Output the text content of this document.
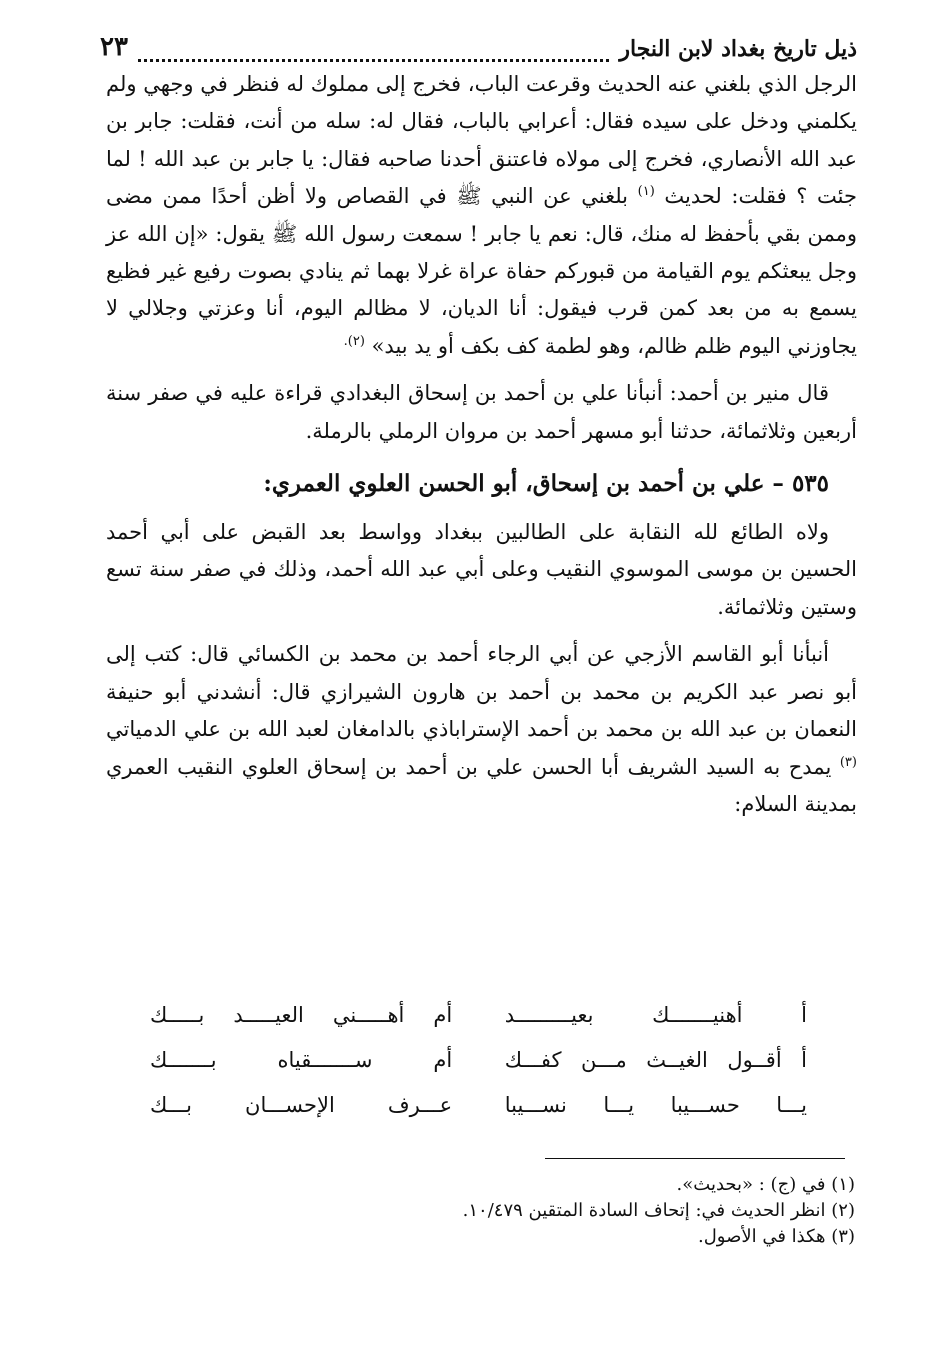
ذيل تاريخ بغداد لابن النجار
٢٣

الرجل الذي بلغني عنه الحديث وقرعت الباب، فخرج إلى مملوك له فنظر في وجهي ولم يكلمني ودخل على سيده فقال: أعرابي بالباب، فقال له: سله من أنت، فقلت: جابر بن عبد الله الأنصاري، فخرج إلى مولاه فاعتنق أحدنا صاحبه فقال: يا جابر بن عبد الله ! لما جئت ؟ فقلت: لحديث $^{(١)}$ بلغني عن النبي ﷺ في القصاص ولا أظن أحدًا ممن مضى وممن بقي بأحفظ له منك، قال: نعم يا جابر ! سمعت رسول الله ﷺ يقول: «إن الله عز وجل يبعثكم يوم القيامة من قبوركم حفاة عراة غرلا بهما ثم ينادي بصوت رفيع غير فظيع يسمع به من بعد كمن قرب فيقول: أنا الديان، لا مظالم اليوم، أنا وعزتي وجلالي لا يجاوزني اليوم ظلم ظالم، وهو لطمة كف بكف أو يد بيد» $^{(٢).}$

قال منير بن أحمد: أنبأنا علي بن أحمد بن إسحاق البغدادي قراءة عليه في صفر سنة أربعين وثلاثمائة، حدثنا أبو مسهر أحمد بن مروان الرملي بالرملة.

٥٣٥ – علي بن أحمد بن إسحاق، أبو الحسن العلوي العمري:

ولاه الطائع لله النقابة على الطالبين ببغداد وواسط بعد القبض على أبي أحمد الحسين بن موسى الموسوي النقيب وعلى أبي عبد الله أحمد، وذلك في صفر سنة تسع وستين وثلاثمائة.

أنبأنا أبو القاسم الأزجي عن أبي الرجاء أحمد بن محمد بن الكسائي قال: كتب إلى أبو نصر عبد الكريم بن محمد بن أحمد بن هارون الشيرازي قال: أنشدني أبو حنيفة النعمان بن عبد الله بن محمد بن أحمد الإستراباذي بالدامغان لعبد الله بن علي الدمياتي $^{(٣)}$ يمدح به السيد الشريف أبا الحسن علي بن أحمد بن إسحاق العلوي النقيب العمري بمدينة السلام:

أ أهنيـــــــك بعيـــــــــد
أم أهـــــني العيـــــد بـــــك
أ أقــول الغيــث مـــن كفـــك
أم ســـــــقياه بـــــــك
يـــا حســـيبا يـــا نســـيبا
عـــرف الإحســـان بـــك
(١) في (ج) : «بحديث».
(٢) انظر الحديث في: إتحاف السادة المتقين ١٠/٤٧٩.
(٣) هكذا في الأصول.
